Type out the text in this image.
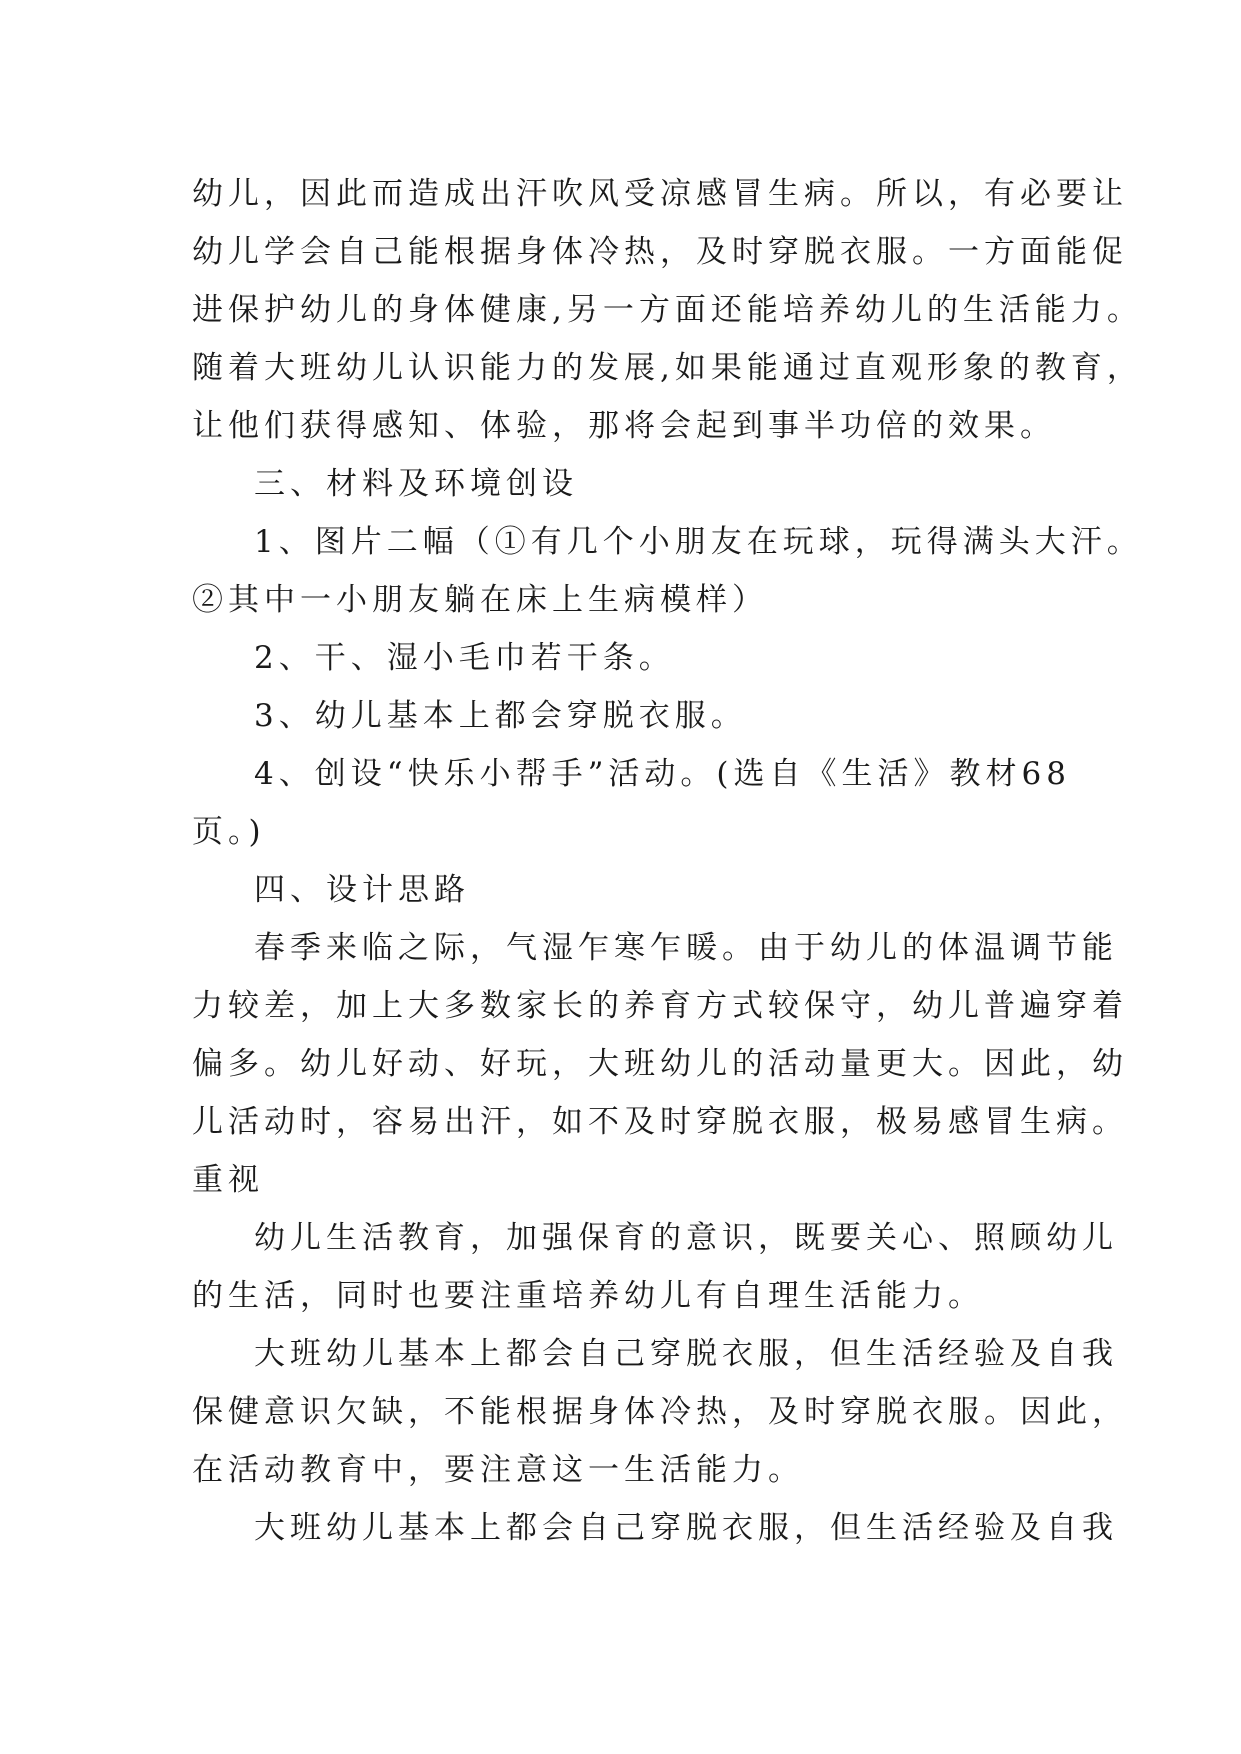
幼儿，因此而造成出汗吹风受凉感冒生病。所以，有必要让
幼儿学会自己能根据身体冷热，及时穿脱衣服。一方面能促
进保护幼儿的身体健康,另一方面还能培养幼儿的生活能力。
随着大班幼儿认识能力的发展,如果能通过直观形象的教育，
让他们获得感知、体验，那将会起到事半功倍的效果。
三、材料及环境创设
1、图片二幅（①有几个小朋友在玩球，玩得满头大汗。
②其中一小朋友躺在床上生病模样）
2、干、湿小毛巾若干条。
3、幼儿基本上都会穿脱衣服。
4、创设“快乐小帮手”活动。(选自《生活》教材68
页。)
四、设计思路
春季来临之际，气湿乍寒乍暖。由于幼儿的体温调节能
力较差，加上大多数家长的养育方式较保守，幼儿普遍穿着
偏多。幼儿好动、好玩，大班幼儿的活动量更大。因此，幼
儿活动时，容易出汗，如不及时穿脱衣服，极易感冒生病。
重视
幼儿生活教育，加强保育的意识，既要关心、照顾幼儿
的生活，同时也要注重培养幼儿有自理生活能力。
大班幼儿基本上都会自己穿脱衣服，但生活经验及自我
保健意识欠缺，不能根据身体冷热，及时穿脱衣服。因此，
在活动教育中，要注意这一生活能力。
大班幼儿基本上都会自己穿脱衣服，但生活经验及自我
